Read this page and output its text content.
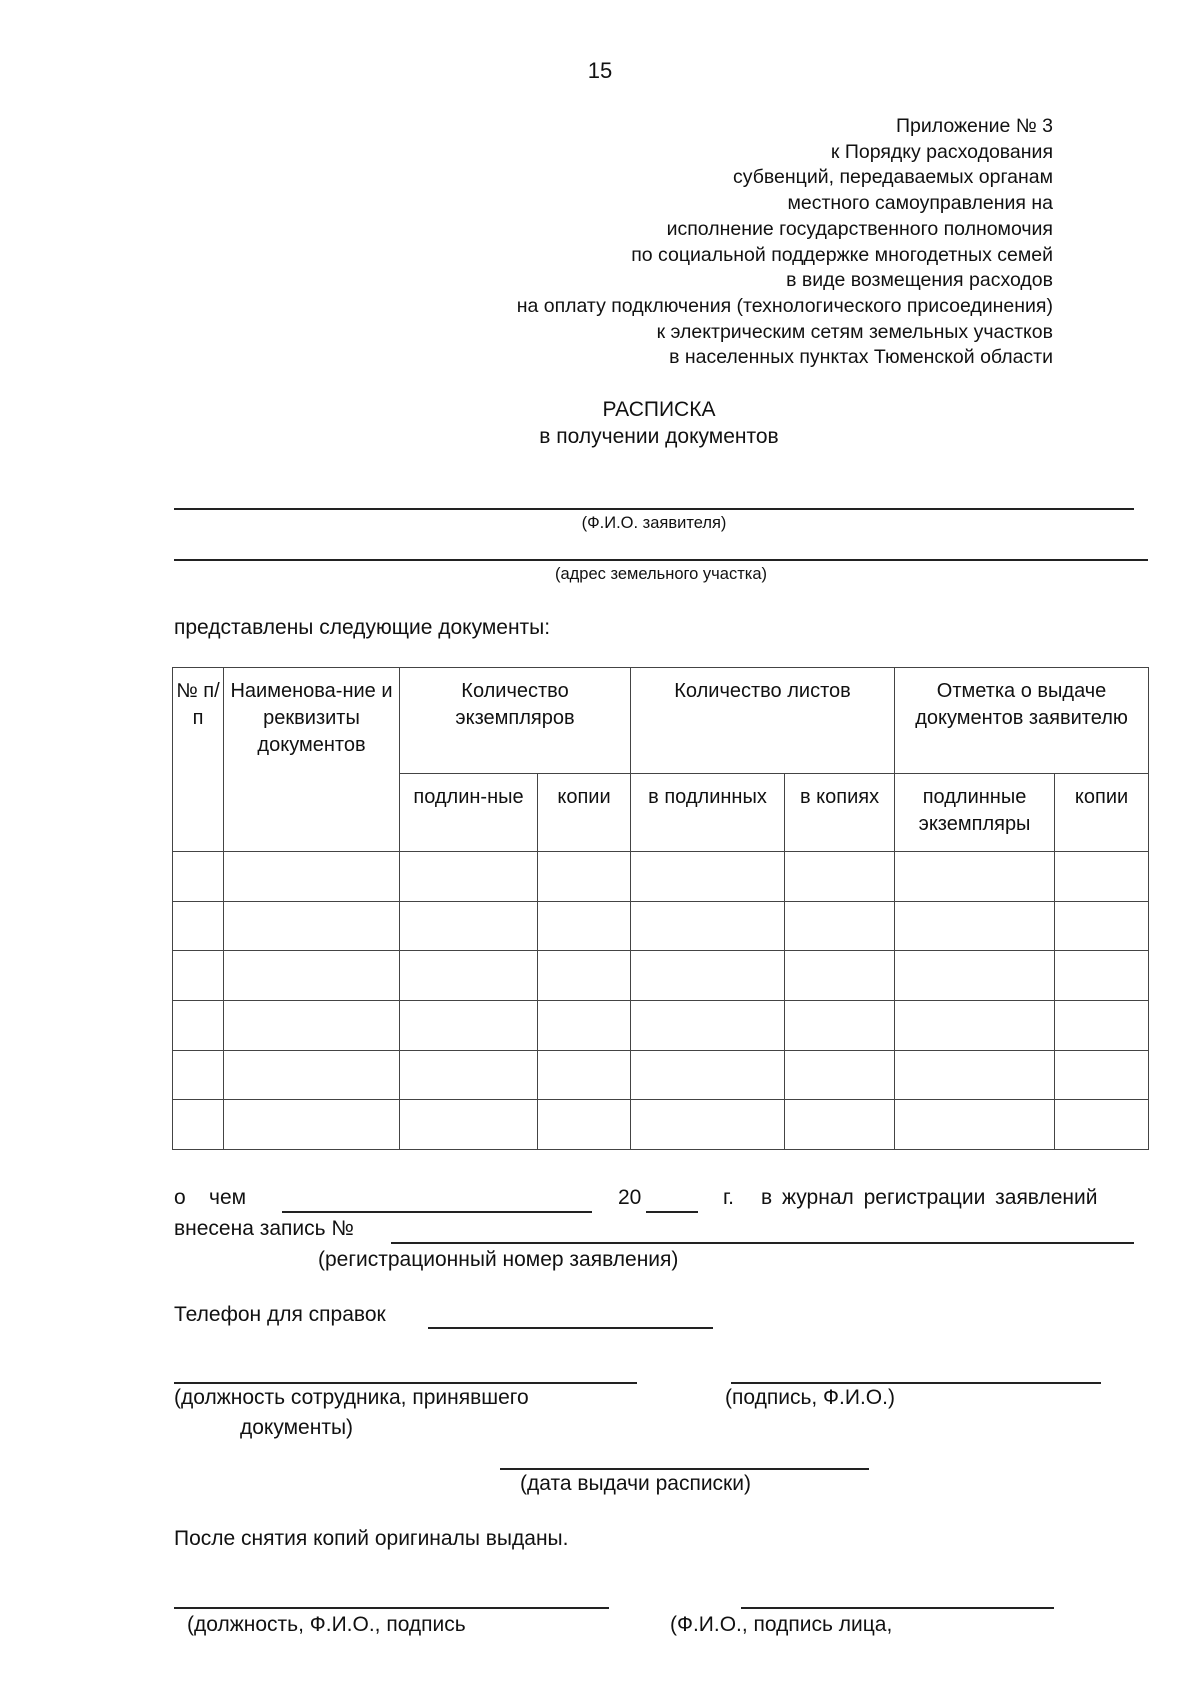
15
Приложение № 3
к Порядку расходования
субвенций, передаваемых органам
местного самоуправления на
исполнение государственного полномочия
по социальной поддержке многодетных семей
в виде возмещения расходов
на оплату подключения (технологического присоединения)
к электрическим сетям земельных участков
в населенных пунктах Тюменской области
РАСПИСКА
в получении документов
(Ф.И.О. заявителя)
(адрес земельного участка)
представлены следующие документы:
№ п/п	Наименова-ние и реквизиты документов	Количество экземпляров		Количество листов		Отметка о выдаче документов заявителю	
		подлин-ные	копии	в подлинных	в копиях	подлинные экземпляры	копии

о чем	20	г. в журнал регистрации заявлений
внесена запись №
(регистрационный номер заявления)
Телефон для справок
(должность сотрудника, принявшего
документы)
(подпись, Ф.И.О.)
(дата выдачи расписки)
После снятия копий оригиналы выданы.
(должность, Ф.И.О., подпись	(Ф.И.О., подпись лица,
